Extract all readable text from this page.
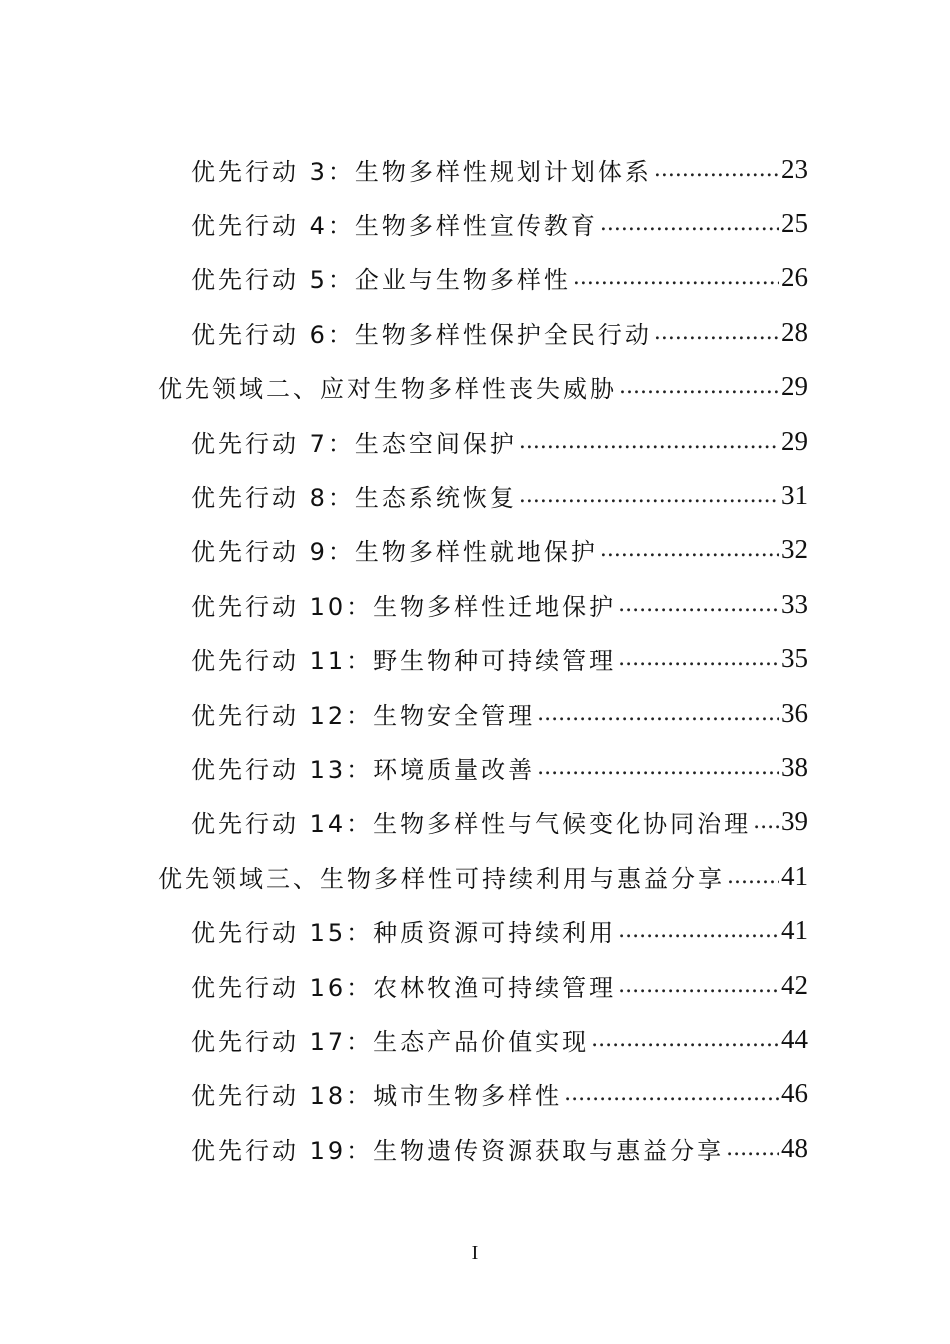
优先行动 3：生物多样性规划计划体系 .....	23
优先行动 4：生物多样性宣传教育 .....	25
优先行动 5：企业与生物多样性 .....	26
优先行动 6：生物多样性保护全民行动 .....	28
优先领域二、应对生物多样性丧失威胁 .....	29
优先行动 7：生态空间保护 .....	29
优先行动 8：生态系统恢复 .....	31
优先行动 9：生物多样性就地保护 .....	32
优先行动 10：生物多样性迁地保护 .....	33
优先行动 11：野生物种可持续管理 .....	35
优先行动 12：生物安全管理 .....	36
优先行动 13：环境质量改善 .....	38
优先行动 14：生物多样性与气候变化协同治理 ..... 39
优先领域三、生物多样性可持续利用与惠益分享 ..... 41
优先行动 15：种质资源可持续利用 .....	41
优先行动 16：农林牧渔可持续管理 .....	42
优先行动 17：生态产品价值实现 .....	44
优先行动 18：城市生物多样性 .....	46
优先行动 19：生物遗传资源获取与惠益分享 ..... 48
I
